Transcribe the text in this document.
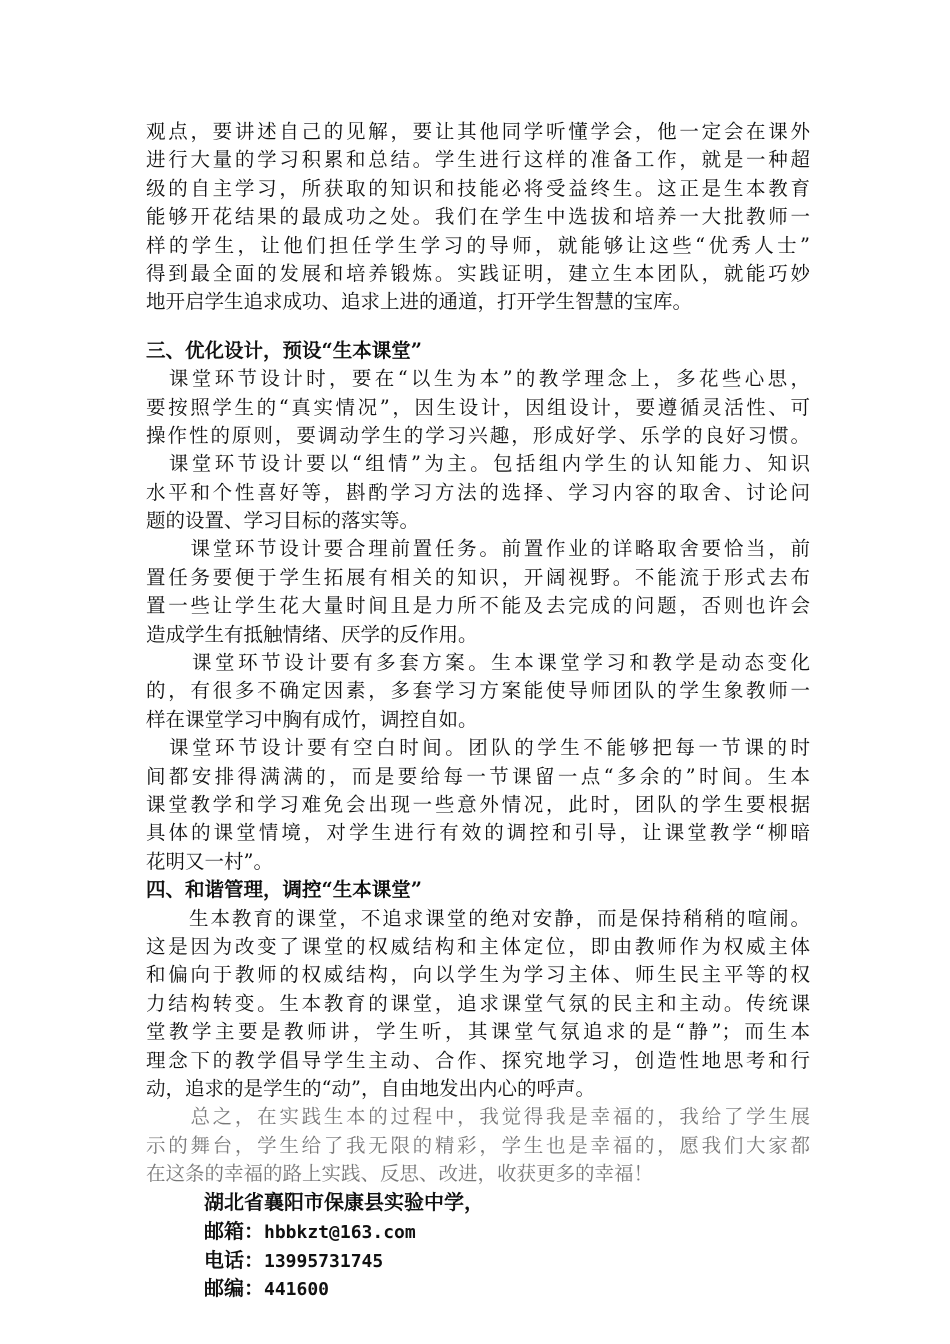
观点，要讲述自己的见解，要让其他同学听懂学会，他一定会在课外
进行大量的学习积累和总结。学生进行这样的准备工作，就是一种超
级的自主学习，所获取的知识和技能必将受益终生。这正是生本教育
能够开花结果的最成功之处。我们在学生中选拔和培养一大批教师一
样的学生，让他们担任学生学习的导师，就能够让这些“优秀人士”
得到最全面的发展和培养锻炼。实践证明，建立生本团队，就能巧妙
地开启学生追求成功、追求上进的通道，打开学生智慧的宝库。
三、优化设计，预设“生本课堂”
　课堂环节设计时，要在“以生为本”的教学理念上，多花些心思，
要按照学生的“真实情况”，因生设计，因组设计，要遵循灵活性、可
操作性的原则，要调动学生的学习兴趣，形成好学、乐学的良好习惯。
　课堂环节设计要以“组情”为主。包括组内学生的认知能力、知识
水平和个性喜好等，斟酌学习方法的选择、学习内容的取舍、讨论问
题的设置、学习目标的落实等。
　　课堂环节设计要合理前置任务。前置作业的详略取舍要恰当，前
置任务要便于学生拓展有相关的知识，开阔视野。不能流于形式去布
置一些让学生花大量时间且是力所不能及去完成的问题，否则也许会
造成学生有抵触情绪、厌学的反作用。
　　课堂环节设计要有多套方案。生本课堂学习和教学是动态变化
的，有很多不确定因素，多套学习方案能使导师团队的学生象教师一
样在课堂学习中胸有成竹，调控自如。
　课堂环节设计要有空白时间。团队的学生不能够把每一节课的时
间都安排得满满的，而是要给每一节课留一点“多余的”时间。生本
课堂教学和学习难免会出现一些意外情况，此时，团队的学生要根据
具体的课堂情境，对学生进行有效的调控和引导，让课堂教学“柳暗
花明又一村”。
四、和谐管理，调控“生本课堂”
　　生本教育的课堂，不追求课堂的绝对安静，而是保持稍稍的喧闹。
这是因为改变了课堂的权威结构和主体定位，即由教师作为权威主体
和偏向于教师的权威结构，向以学生为学习主体、师生民主平等的权
力结构转变。生本教育的课堂，追求课堂气氛的民主和主动。传统课
堂教学主要是教师讲，学生听，其课堂气氛追求的是“静”；而生本
理念下的教学倡导学生主动、合作、探究地学习，创造性地思考和行
动，追求的是学生的“动”，自由地发出内心的呼声。
　　总之，在实践生本的过程中，我觉得我是幸福的，我给了学生展
示的舞台，学生给了我无限的精彩，学生也是幸福的，愿我们大家都
在这条的幸福的路上实践、反思、改进，收获更多的幸福！
湖北省襄阳市保康县实验中学，
邮箱：hbbkzt@163.com
电话：13995731745
邮编：441600
